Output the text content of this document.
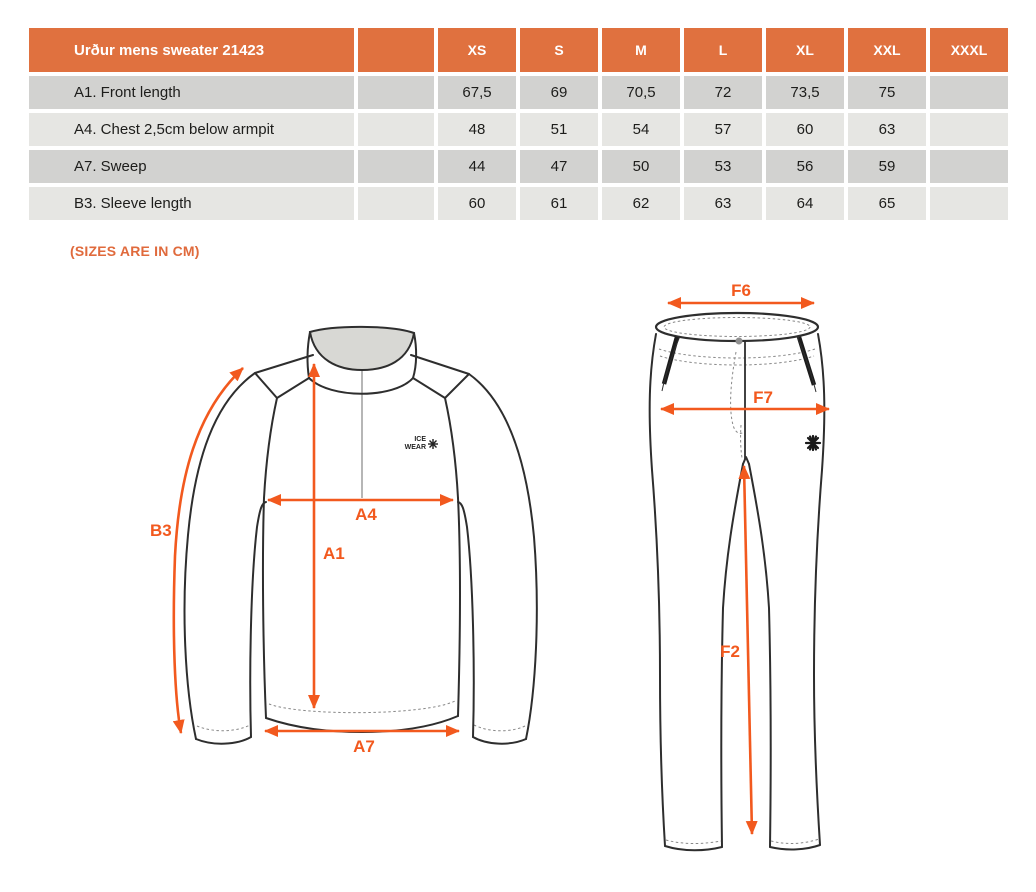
Urður mens sweater 21423	XS	S	M	L	XL	XXL	XXXL
A1. Front length	67,5	69	70,5	72	73,5	75
A4. Chest 2,5cm below armpit	48	51	54	57	60	63
A7. Sweep	44	47	50	53	56	59
B3. Sleeve length	60	61	62	63	64	65
(SIZES ARE IN CM)
ICE
WEAR
B3
A1
A4
A7
F6
F7
F2
